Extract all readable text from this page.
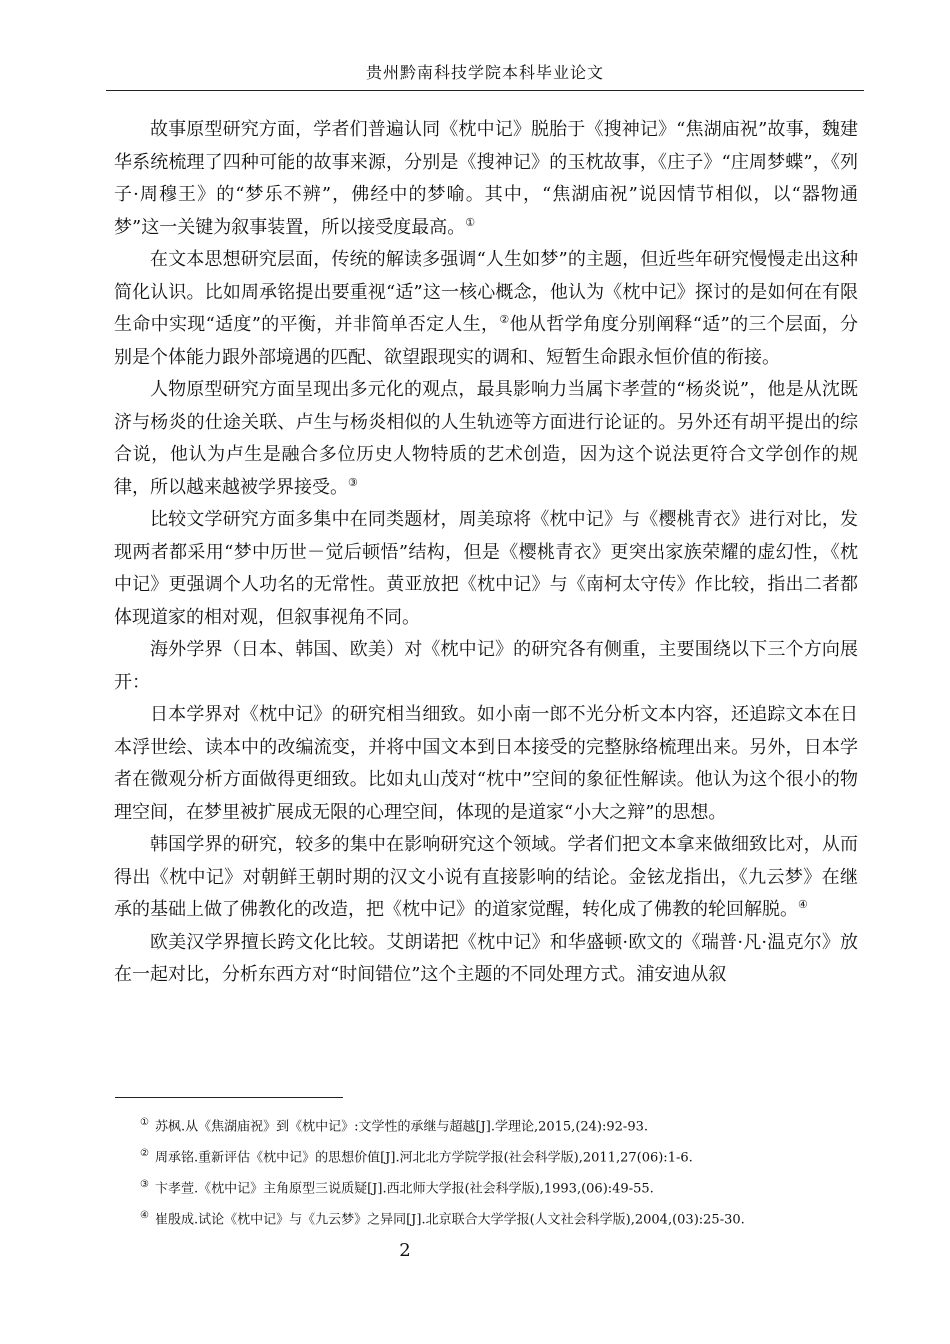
贵州黔南科技学院本科毕业论文

故事原型研究方面，学者们普遍认同《枕中记》脱胎于《搜神记》“焦湖庙祝”故事，魏建华系统梳理了四种可能的故事来源，分别是《搜神记》的玉枕故事，《庄子》“庄周梦蝶”，《列子·周穆王》的“梦乐不辨”，佛经中的梦喻。其中，“焦湖庙祝”说因情节相似，以“器物通梦”这一关键为叙事装置，所以接受度最高。①

在文本思想研究层面，传统的解读多强调“人生如梦”的主题，但近些年研究慢慢走出这种简化认识。比如周承铭提出要重视“适”这一核心概念，他认为《枕中记》探讨的是如何在有限生命中实现“适度”的平衡，并非简单否定人生，②他从哲学角度分别阐释“适”的三个层面，分别是个体能力跟外部境遇的匹配、欲望跟现实的调和、短暂生命跟永恒价值的衔接。

人物原型研究方面呈现出多元化的观点，最具影响力当属卞孝萱的“杨炎说”，他是从沈既济与杨炎的仕途关联、卢生与杨炎相似的人生轨迹等方面进行论证的。另外还有胡平提出的综合说，他认为卢生是融合多位历史人物特质的艺术创造，因为这个说法更符合文学创作的规律，所以越来越被学界接受。③

比较文学研究方面多集中在同类题材，周美琼将《枕中记》与《樱桃青衣》进行对比，发现两者都采用“梦中历世－觉后顿悟”结构，但是《樱桃青衣》更突出家族荣耀的虚幻性，《枕中记》更强调个人功名的无常性。黄亚放把《枕中记》与《南柯太守传》作比较，指出二者都体现道家的相对观，但叙事视角不同。

海外学界（日本、韩国、欧美）对《枕中记》的研究各有侧重，主要围绕以下三个方向展开：

日本学界对《枕中记》的研究相当细致。如小南一郎不光分析文本内容，还追踪文本在日本浮世绘、读本中的改编流变，并将中国文本到日本接受的完整脉络梳理出来。另外，日本学者在微观分析方面做得更细致。比如丸山茂对“枕中”空间的象征性解读。他认为这个很小的物理空间，在梦里被扩展成无限的心理空间，体现的是道家“小大之辩”的思想。

韩国学界的研究，较多的集中在影响研究这个领域。学者们把文本拿来做细致比对，从而得出《枕中记》对朝鲜王朝时期的汉文小说有直接影响的结论。金铉龙指出，《九云梦》在继承的基础上做了佛教化的改造，把《枕中记》的道家觉醒，转化成了佛教的轮回解脱。④

欧美汉学界擅长跨文化比较。艾朗诺把《枕中记》和华盛顿·欧文的《瑞普·凡·温克尔》放在一起对比，分析东西方对“时间错位”这个主题的不同处理方式。浦安迪从叙

① 苏枫.从《焦湖庙祝》到《枕中记》:文学性的承继与超越[J].学理论,2015,(24):92-93.
② 周承铭.重新评估《枕中记》的思想价值[J].河北北方学院学报(社会科学版),2011,27(06):1-6.
③ 卞孝萱.《枕中记》主角原型三说质疑[J].西北师大学报(社会科学版),1993,(06):49-55.
④ 崔殷成.试论《枕中记》与《九云梦》之异同[J].北京联合大学学报(人文社会科学版),2004,(03):25-30.
2
